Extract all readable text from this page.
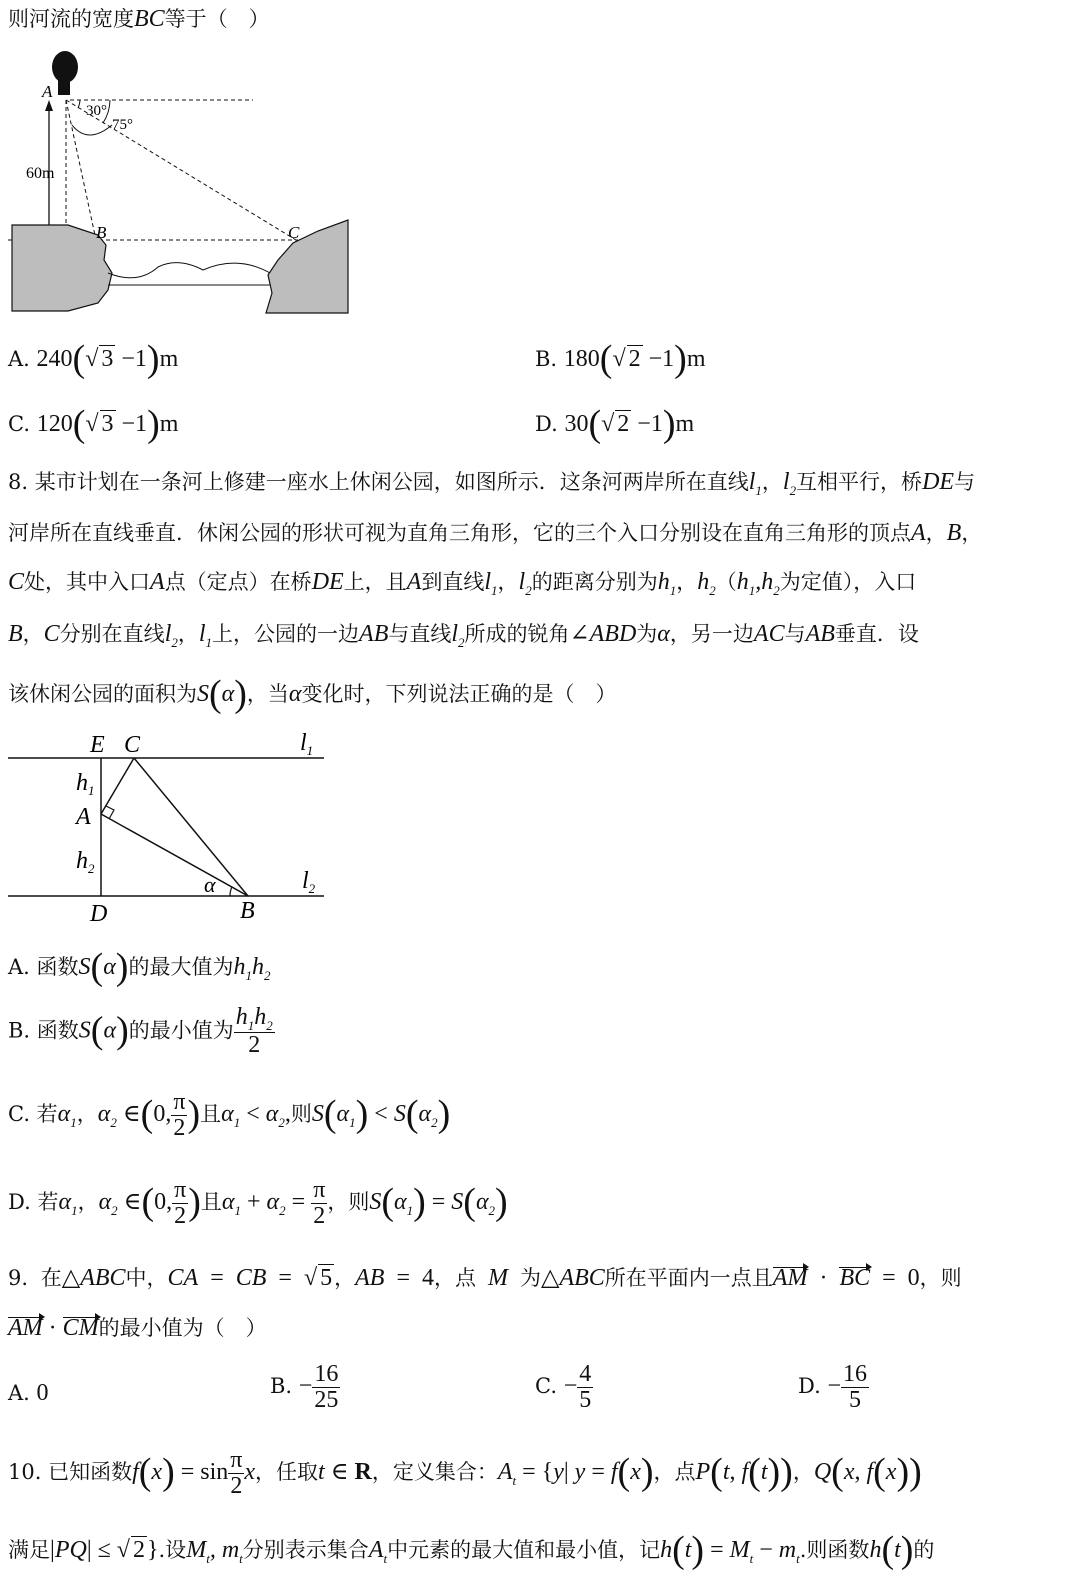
则河流的宽度BC等于（　）
A
B	C
30°
75°
60m
A. 240(√ 3 −1)m	B. 180(√ 2 −1)m
C. 120(√ 3 −1)m	D. 30(√ 2 −1)m
8. 某市计划在一条河上修建一座水上休闲公园，如图所示．这条河两岸所在直线$l_1$，$l_2$互相平行，桥DE与
河岸所在直线垂直．休闲公园的形状可视为直角三角形，它的三个入口分别设在直角三角形的顶点A，B，
C处，其中入口A点（定点）在桥DE上，且A到直线$l_1$，$l_2$的距离分别为$h_1$，$h_2(h_1,h_2$为定值），入口
B，C分别在直线$l_2$，$l_1$上，公园的一边AB与直线$l_2$所成的锐角∠ABD为α，另一边AC与AB垂直．设
该休闲公园的面积为S(α)，当α变化时，下列说法正确的是（　）
E C	$l_1$
$h_1$
A
$h_2$
α	$l_2$
D	B
A. 函数S(α)的最大值为$h_1h_2$
B. 函数S(α)的最小值为 $\frac{h_1h_2}{2}$
C. 若$\alpha_1$，$\alpha_2$ ∈(0, $\frac{\pi}{2}$ )且$\alpha_1 < \alpha_2$,则$S(\alpha_1) < S(\alpha_2)$
D. 若$\alpha_1$，$\alpha_2$ ∈(0, $\frac{\pi}{2}$ )且$\alpha_1 + \alpha_2 = \frac{\pi}{2}$ ，则$S(\alpha_1) = S(\alpha_2)$
9. 在△ABC中，CA = CB = √ 5，AB = 4，点 M 为△ABC所在平面内一点且AM · BC = 0，则
AM · CM的最小值为（　）
A. 0	B. − $\frac{16}{25}$	C. − $\frac{4}{5}$	D. − $\frac{16}{5}$
10. 已知函数$f(x) = \sin \frac{\pi}{2}$ x，任取t ∈ R，定义集合：$A_t = \{y|$ y = f(x)，点P(t, f(t))，Q(x, f(x))
满足|PQ| ≤ √ 2}.设$M_t$, $m_t$分别表示集合$A_t$中元素的最大值和最小值，记$h(t) = M_t - m_t$.则函数h(t)的
